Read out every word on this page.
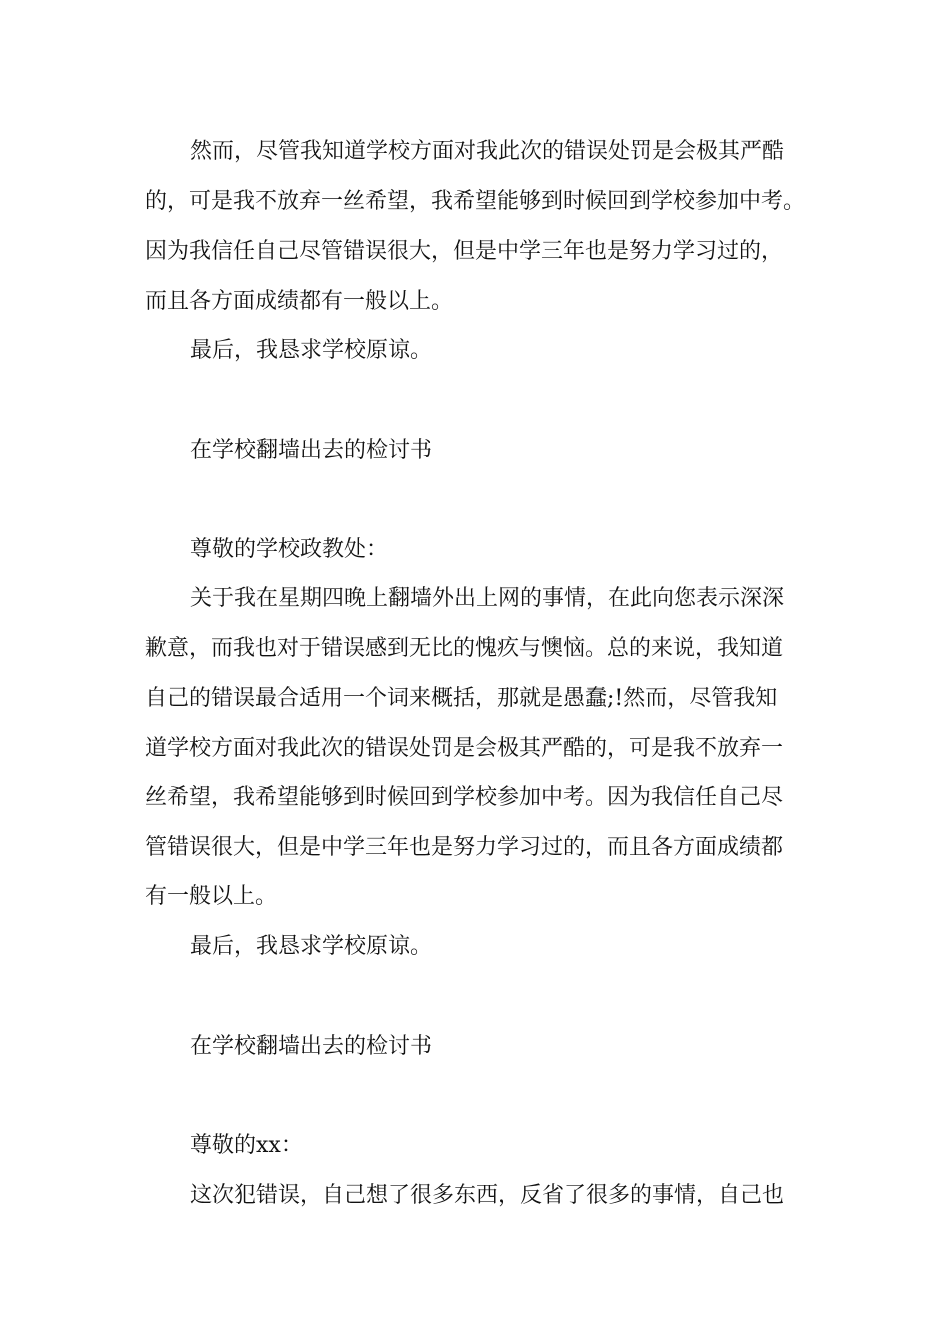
然而，尽管我知道学校方面对我此次的错误处罚是会极其严酷
的，可是我不放弃一丝希望，我希望能够到时候回到学校参加中考。
因为我信任自己尽管错误很大，但是中学三年也是努力学习过的，
而且各方面成绩都有一般以上。
最后，我恳求学校原谅。
在学校翻墙出去的检讨书
尊敬的学校政教处：
关于我在星期四晚上翻墙外出上网的事情，在此向您表示深深
歉意，而我也对于错误感到无比的愧疚与懊恼。总的来说，我知道
自己的错误最合适用一个词来概括，那就是愚蠢;!然而，尽管我知
道学校方面对我此次的错误处罚是会极其严酷的，可是我不放弃一
丝希望，我希望能够到时候回到学校参加中考。因为我信任自己尽
管错误很大，但是中学三年也是努力学习过的，而且各方面成绩都
有一般以上。
最后，我恳求学校原谅。
在学校翻墙出去的检讨书
尊敬的xx：
这次犯错误，自己想了很多东西，反省了很多的事情，自己也
